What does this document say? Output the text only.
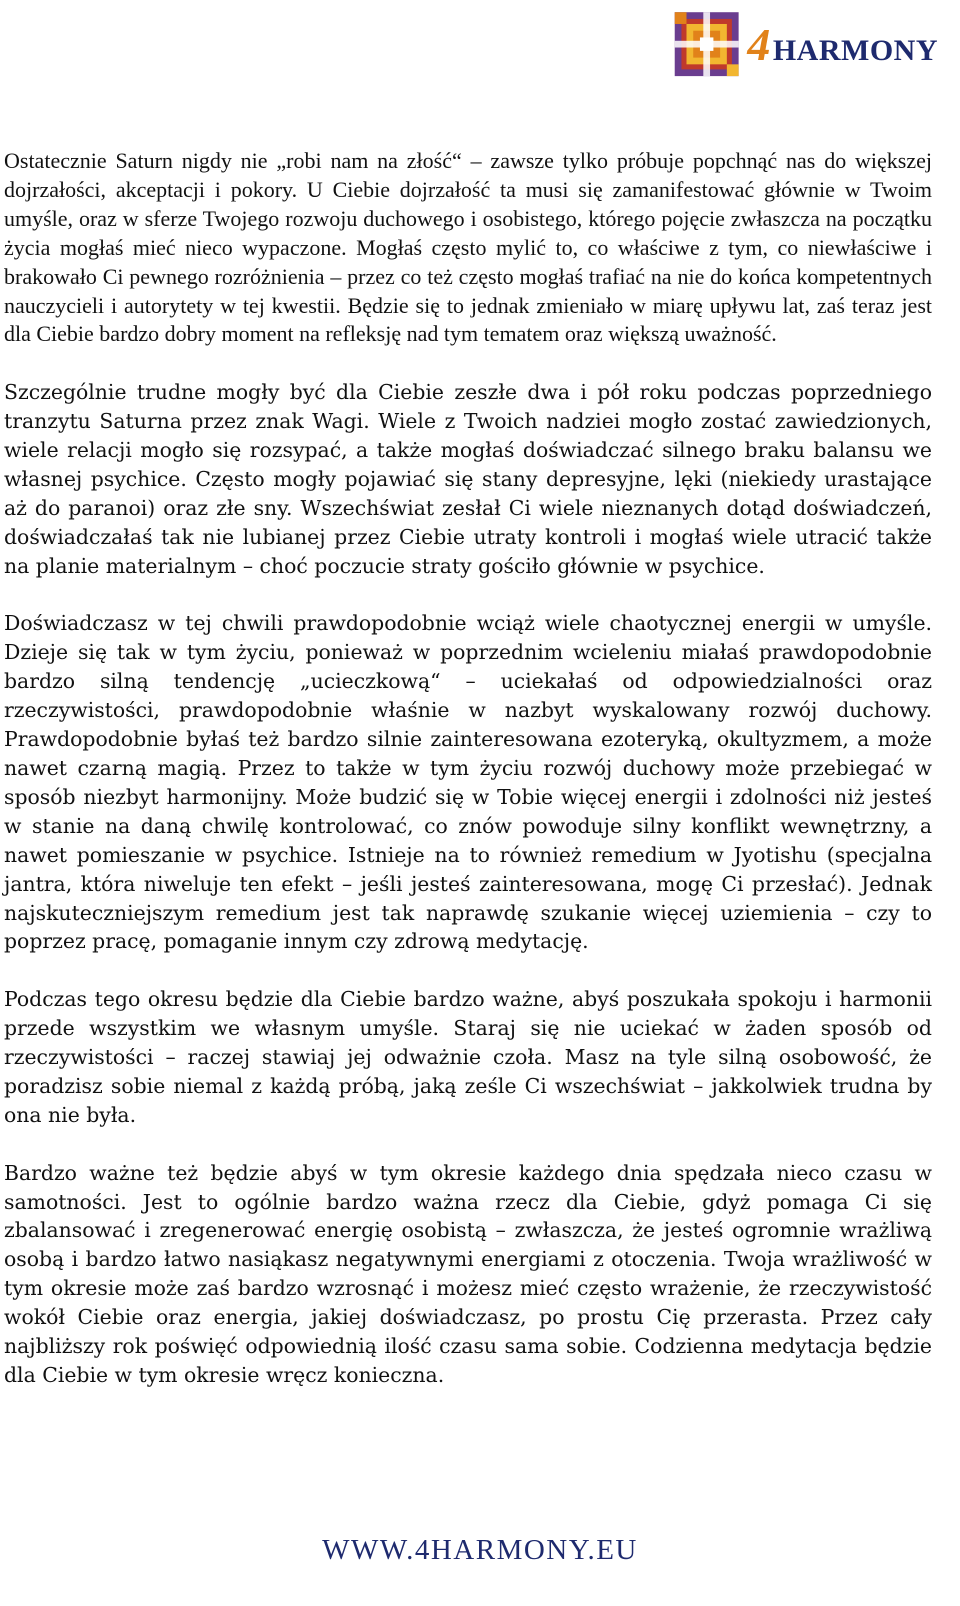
4 HARMONY

Ostatecznie Saturn nigdy nie „robi nam na złość“ – zawsze tylko próbuje popchnąć nas do większej dojrzałości, akceptacji i pokory. U Ciebie dojrzałość ta musi się zamanifestować głównie w Twoim umyśle, oraz w sferze Twojego rozwoju duchowego i osobistego, którego pojęcie zwłaszcza na początku życia mogłaś mieć nieco wypaczone. Mogłaś często mylić to, co właściwe z tym, co niewłaściwe i brakowało Ci pewnego rozróżnienia – przez co też często mogłaś trafiać na nie do końca kompetentnych nauczycieli i autorytety w tej kwestii. Będzie się to jednak zmieniało w miarę upływu lat, zaś teraz jest dla Ciebie bardzo dobry moment na refleksję nad tym tematem oraz większą uważność.

Szczególnie trudne mogły być dla Ciebie zeszłe dwa i pół roku podczas poprzedniego tranzytu Saturna przez znak Wagi. Wiele z Twoich nadziei mogło zostać zawiedzionych, wiele relacji mogło się rozsypać, a także mogłaś doświadczać silnego braku balansu we własnej psychice. Często mogły pojawiać się stany depresyjne, lęki (niekiedy urastające aż do paranoi) oraz złe sny. Wszechświat zesłał Ci wiele nieznanych dotąd doświadczeń, doświadczałaś tak nie lubianej przez Ciebie utraty kontroli i mogłaś wiele utracić także na planie materialnym – choć poczucie straty gościło głównie w psychice.

Doświadczasz w tej chwili prawdopodobnie wciąż wiele chaotycznej energii w umyśle. Dzieje się tak w tym życiu, ponieważ w poprzednim wcieleniu miałaś prawdopodobnie bardzo silną tendencję „ucieczkową“ – uciekałaś od odpowiedzialności oraz rzeczywistości, prawdopodobnie właśnie w nazbyt wyskalowany rozwój duchowy. Prawdopodobnie byłaś też bardzo silnie zainteresowana ezoteryką, okultyzmem, a może nawet czarną magią. Przez to także w tym życiu rozwój duchowy może przebiegać w sposób niezbyt harmonijny. Może budzić się w Tobie więcej energii i zdolności niż jesteś w stanie na daną chwilę kontrolować, co znów powoduje silny konflikt wewnętrzny, a nawet pomieszanie w psychice. Istnieje na to również remedium w Jyotishu (specjalna jantra, która niweluje ten efekt – jeśli jesteś zainteresowana, mogę Ci przesłać). Jednak najskuteczniejszym remedium jest tak naprawdę szukanie więcej uziemienia – czy to poprzez pracę, pomaganie innym czy zdrową medytację.

Podczas tego okresu będzie dla Ciebie bardzo ważne, abyś poszukała spokoju i harmonii przede wszystkim we własnym umyśle. Staraj się nie uciekać w żaden sposób od rzeczywistości – raczej stawiaj jej odważnie czoła. Masz na tyle silną osobowość, że poradzisz sobie niemal z każdą próbą, jaką ześle Ci wszechświat – jakkolwiek trudna by ona nie była.

Bardzo ważne też będzie abyś w tym okresie każdego dnia spędzała nieco czasu w samotności. Jest to ogólnie bardzo ważna rzecz dla Ciebie, gdyż pomaga Ci się zbalansować i zregenerować energię osobistą – zwłaszcza, że jesteś ogromnie wrażliwą osobą i bardzo łatwo nasiąkasz negatywnymi energiami z otoczenia. Twoja wrażliwość w tym okresie może zaś bardzo wzrosnąć i możesz mieć często wrażenie, że rzeczywistość wokół Ciebie oraz energia, jakiej doświadczasz, po prostu Cię przerasta. Przez cały najbliższy rok poświęć odpowiednią ilość czasu sama sobie. Codzienna medytacja będzie dla Ciebie w tym okresie wręcz konieczna.

WWW.4HARMONY.EU
